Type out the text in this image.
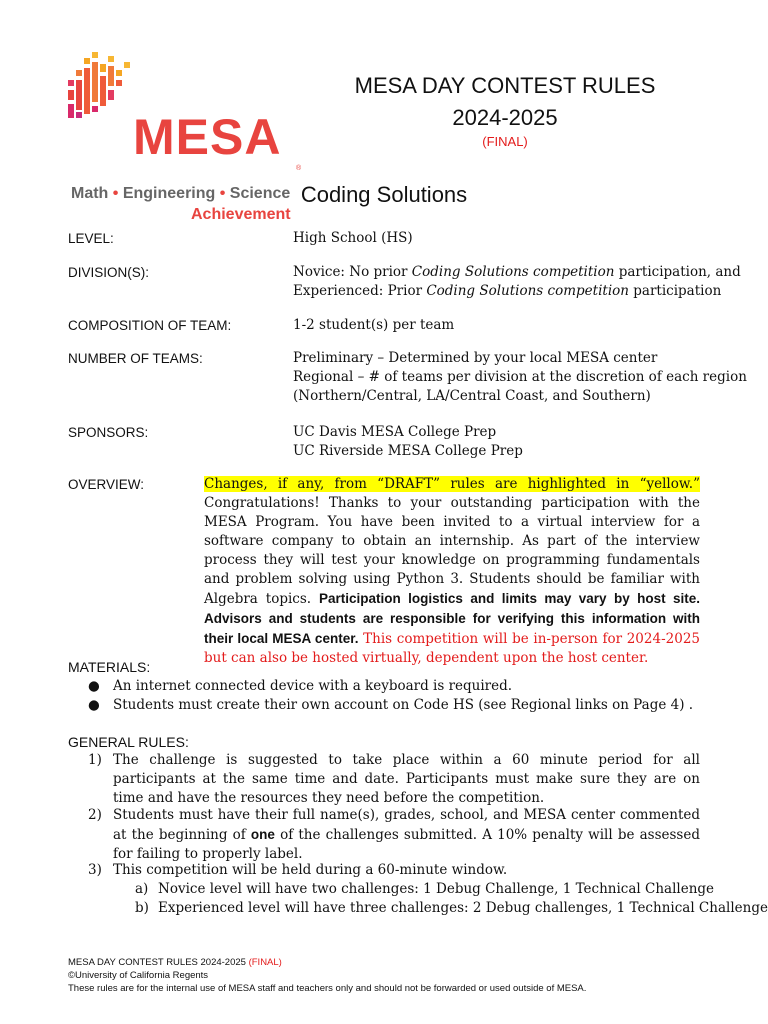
MESA
®
Math • Engineering • Science
Achievement
MESA DAY CONTEST RULES
2024-2025
(FINAL)
Coding Solutions
LEVEL:	High School (HS)
DIVISION(S):	Novice: No prior Coding Solutions competition participation, and
Experienced: Prior Coding Solutions competition participation
COMPOSITION OF TEAM:	1-2 student(s) per team
NUMBER OF TEAMS:	Preliminary – Determined by your local MESA center
Regional – # of teams per division at the discretion of each region
(Northern/Central, LA/Central Coast, and Southern)
SPONSORS:	UC Davis MESA College Prep
UC Riverside MESA College Prep
OVERVIEW:	Changes, if any, from “DRAFT” rules are highlighted in “yellow.” Congratulations! Thanks to your outstanding participation with the MESA Program. You have been invited to a virtual interview for a software company to obtain an internship. As part of the interview process they will test your knowledge on programming fundamentals and problem solving using Python 3. Students should be familiar with Algebra topics. Participation logistics and limits may vary by host site. Advisors and students are responsible for verifying this information with their local MESA center. This competition will be in-person for 2024-2025 but can also be hosted virtually, dependent upon the host center.
MATERIALS:
● An internet connected device with a keyboard is required.
● Students must create their own account on Code HS (see Regional links on Page 4) .
GENERAL RULES:
1) The challenge is suggested to take place within a 60 minute period for all participants at the same time and date. Participants must make sure they are on time and have the resources they need before the competition.
2) Students must have their full name(s), grades, school, and MESA center commented at the beginning of one of the challenges submitted. A 10% penalty will be assessed for failing to properly label.
3) This competition will be held during a 60-minute window.
a) Novice level will have two challenges: 1 Debug Challenge, 1 Technical Challenge
b) Experienced level will have three challenges: 2 Debug challenges, 1 Technical Challenge
MESA DAY CONTEST RULES 2024-2025 (FINAL)
©University of California Regents
These rules are for the internal use of MESA staff and teachers only and should not be forwarded or used outside of MESA.
